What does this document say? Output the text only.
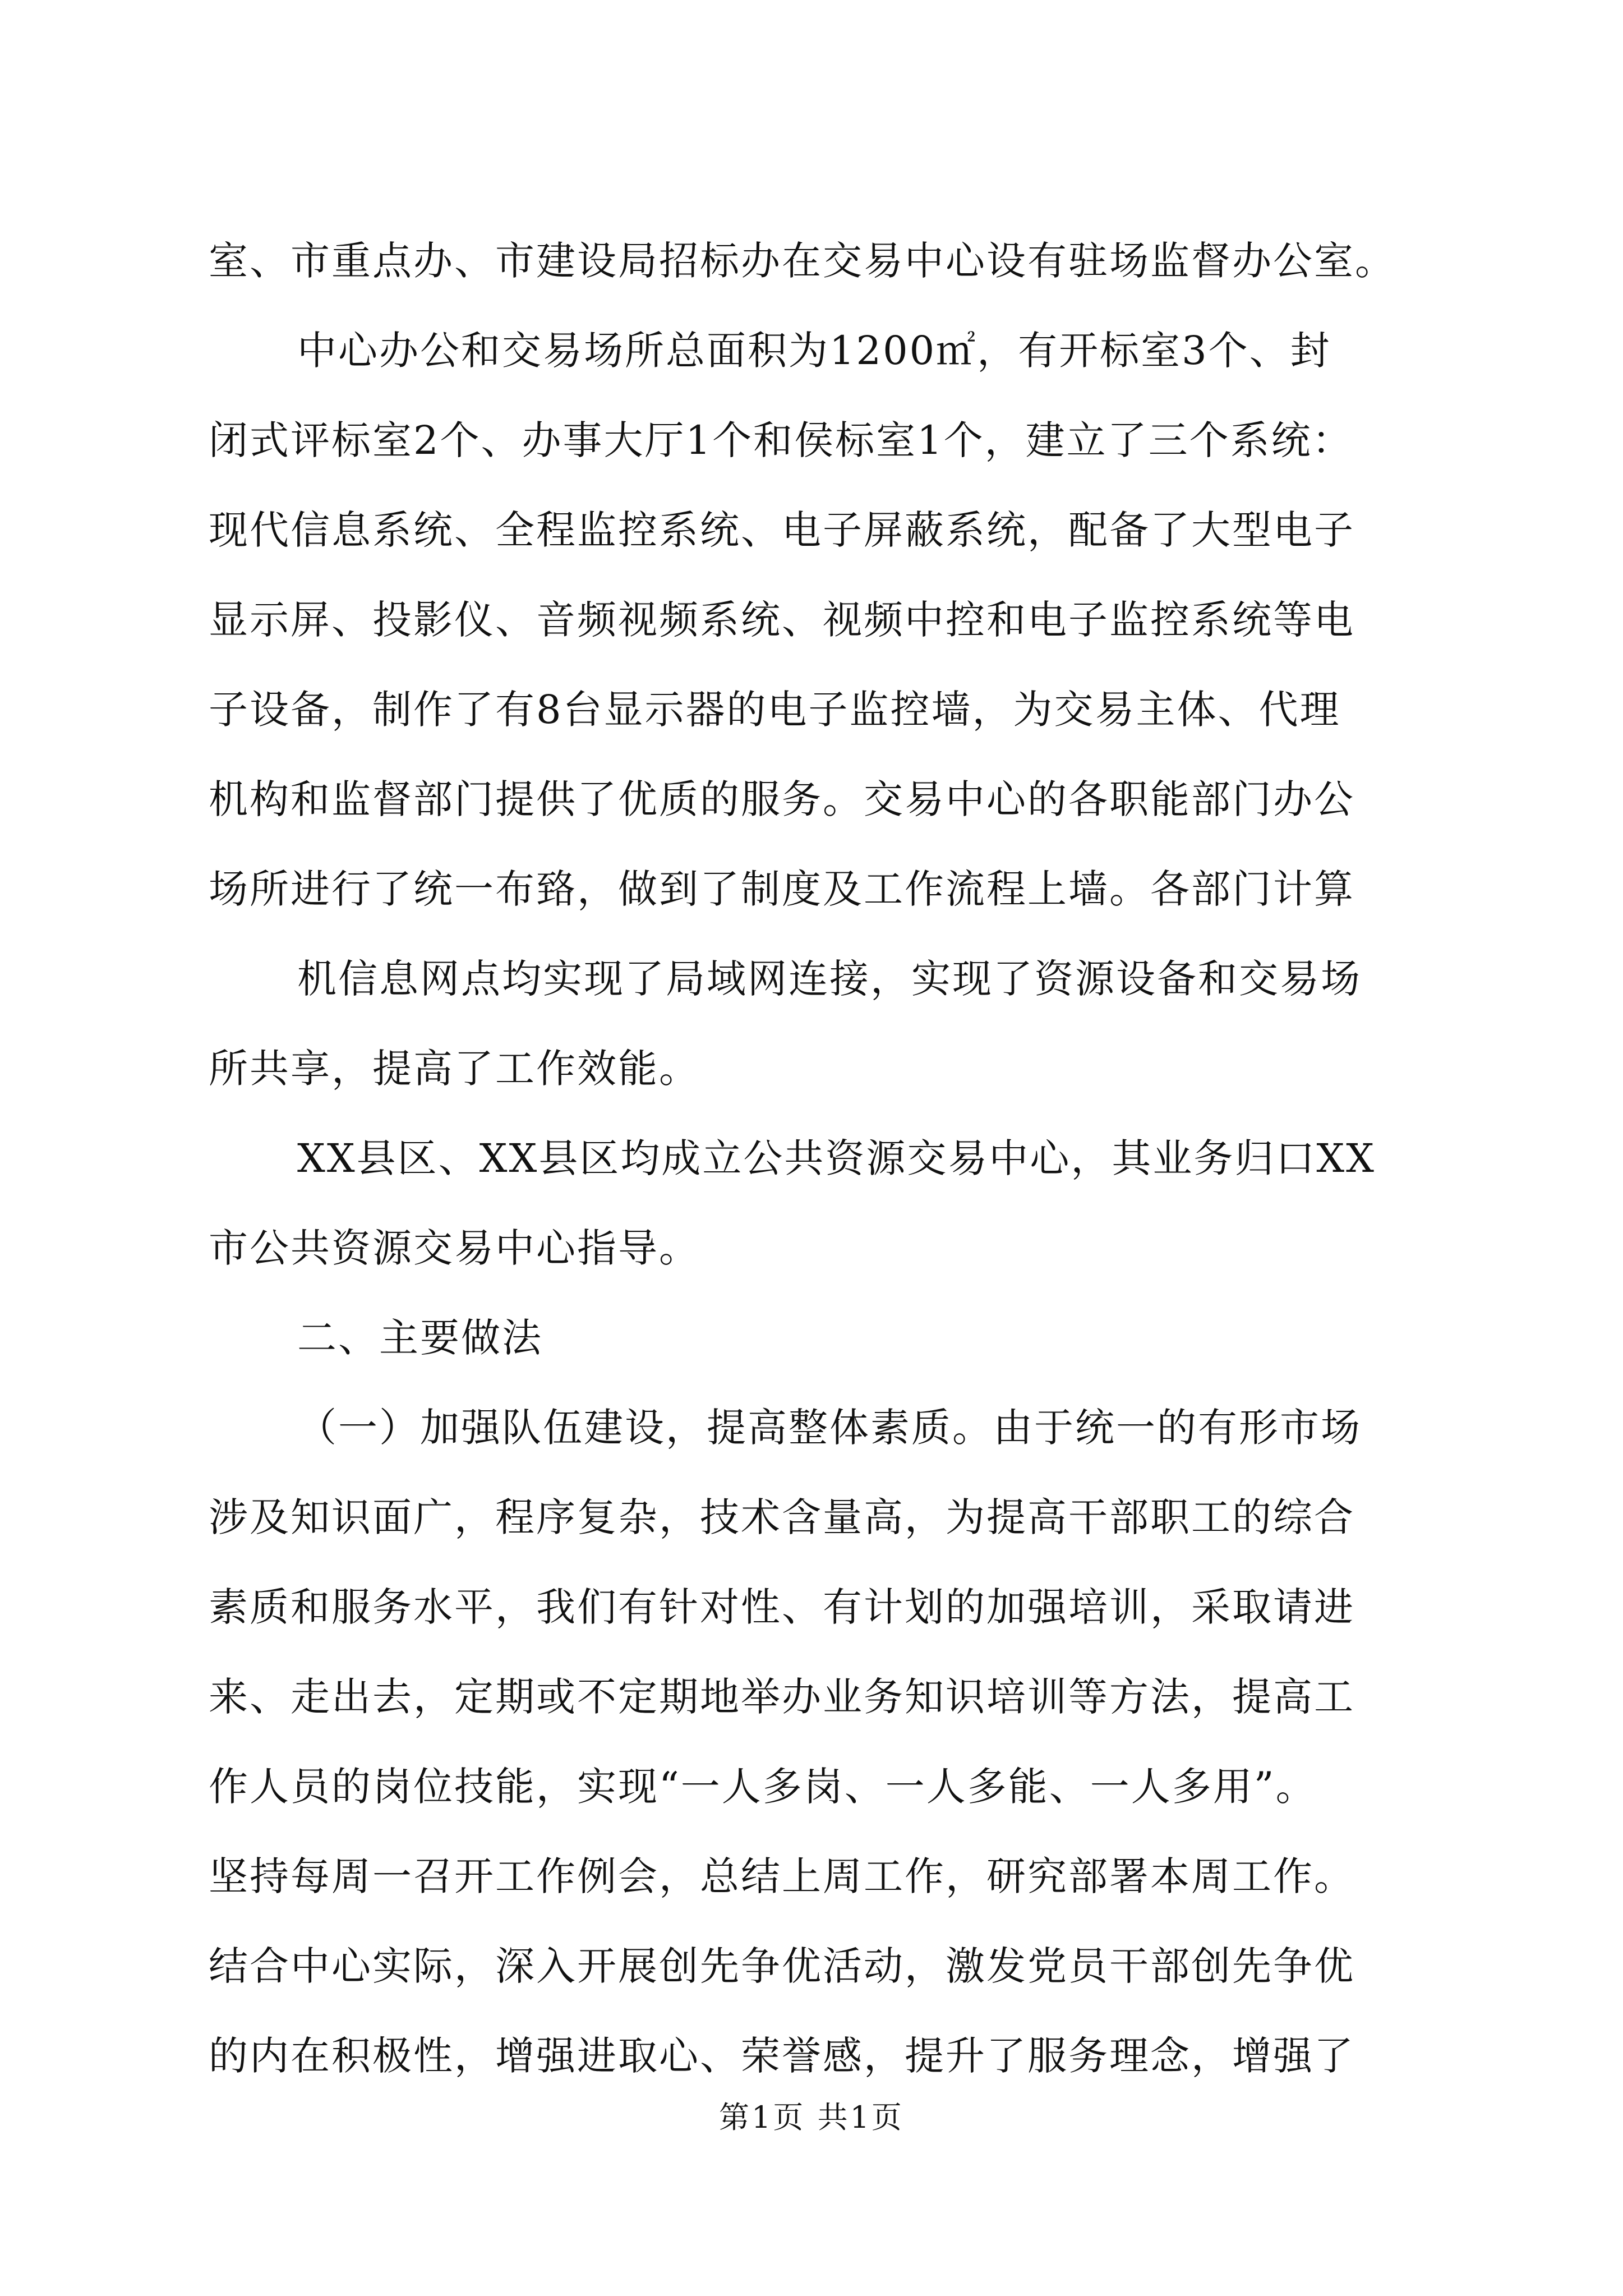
室、市重点办、市建设局招标办在交易中心设有驻场监督办公室。
中心办公和交易场所总面积为1200㎡，有开标室3个、封
闭式评标室2个、办事大厅1个和侯标室1个，建立了三个系统：
现代信息系统、全程监控系统、电子屏蔽系统，配备了大型电子
显示屏、投影仪、音频视频系统、视频中控和电子监控系统等电
子设备，制作了有8台显示器的电子监控墙，为交易主体、代理
机构和监督部门提供了优质的服务。交易中心的各职能部门办公
场所进行了统一布臵，做到了制度及工作流程上墙。各部门计算
机信息网点均实现了局域网连接，实现了资源设备和交易场
所共享，提高了工作效能。
XX县区、XX县区均成立公共资源交易中心，其业务归口XX
市公共资源交易中心指导。
二、主要做法
（一）加强队伍建设，提高整体素质。由于统一的有形市场
涉及知识面广，程序复杂，技术含量高，为提高干部职工的综合
素质和服务水平，我们有针对性、有计划的加强培训，采取请进
来、走出去，定期或不定期地举办业务知识培训等方法，提高工
作人员的岗位技能，实现“一人多岗、一人多能、一人多用”。
坚持每周一召开工作例会，总结上周工作，研究部署本周工作。
结合中心实际，深入开展创先争优活动，激发党员干部创先争优
的内在积极性，增强进取心、荣誉感，提升了服务理念，增强了
第1页 共1页
